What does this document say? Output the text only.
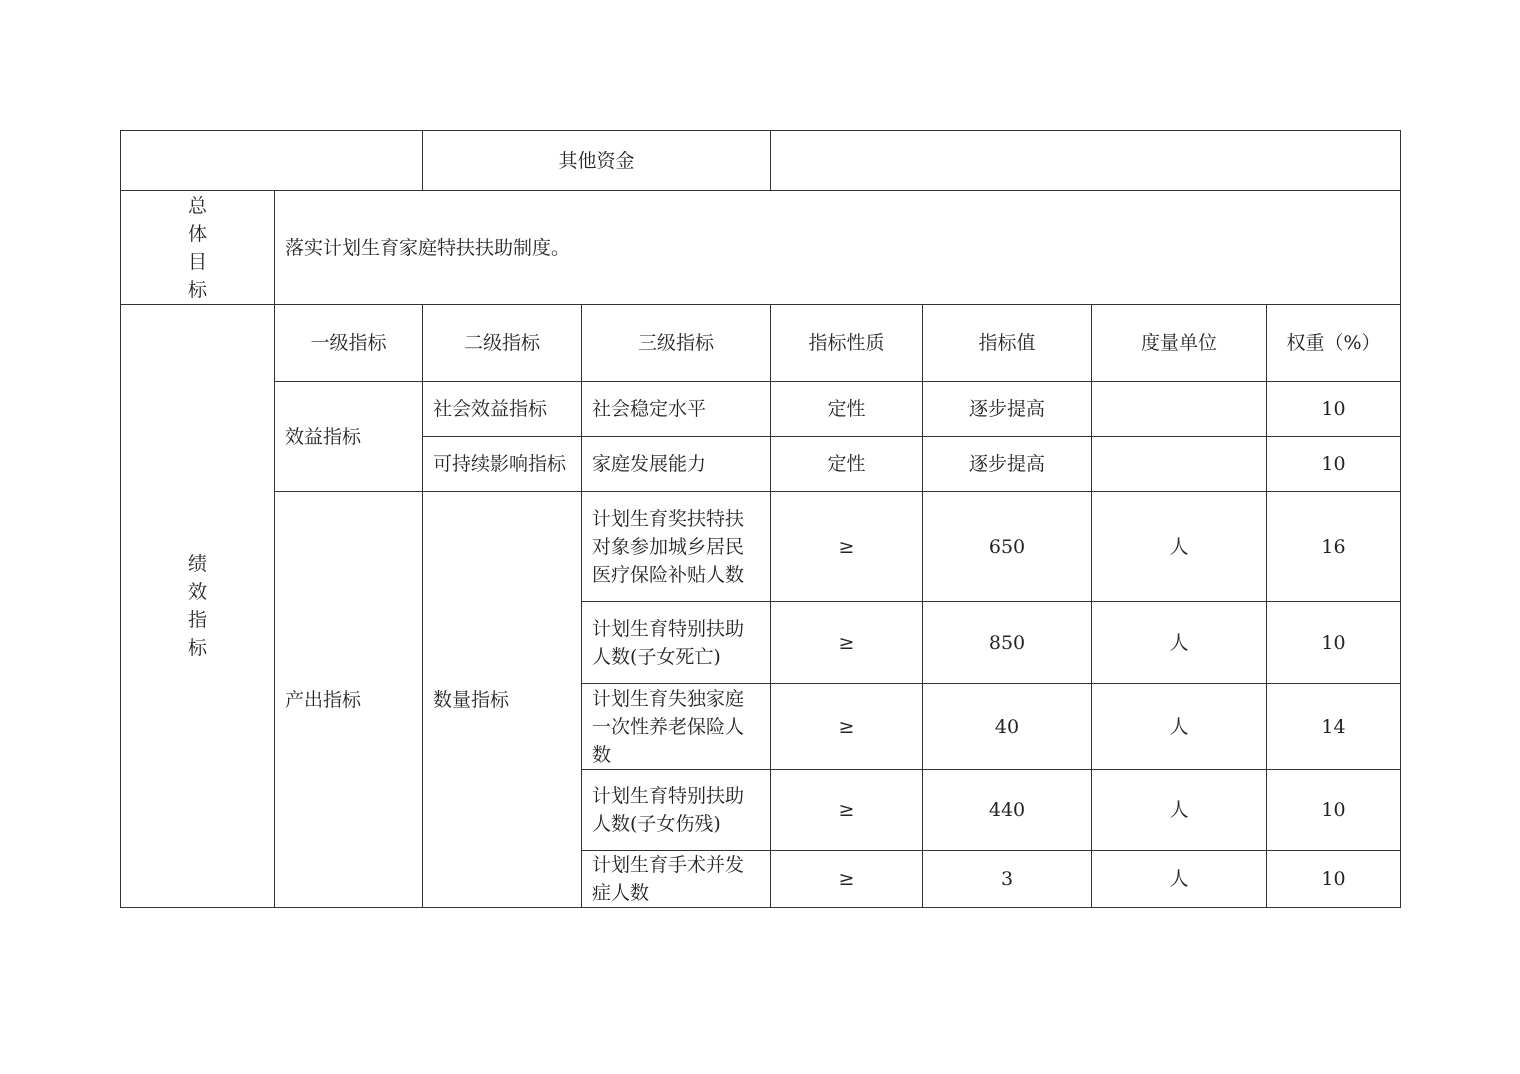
		其他资金					

总
体
目
标	落实计划生育家庭特扶扶助制度。						

绩
效
指
标	一级指标	二级指标	三级指标	指标性质	指标值	度量单位	权重（%）
	效益指标	社会效益指标	社会稳定水平	定性	逐步提高		10
		可持续影响指标	家庭发展能力	定性	逐步提高		10
	产出指标	数量指标	计划生育奖扶特扶对象参加城乡居民医疗保险补贴人数	≥	650	人	16
			计划生育特别扶助人数(子女死亡)	≥	850	人	10
			计划生育失独家庭一次性养老保险人数	≥	40	人	14
			计划生育特别扶助人数(子女伤残)	≥	440	人	10
			计划生育手术并发症人数	≥	3	人	10
